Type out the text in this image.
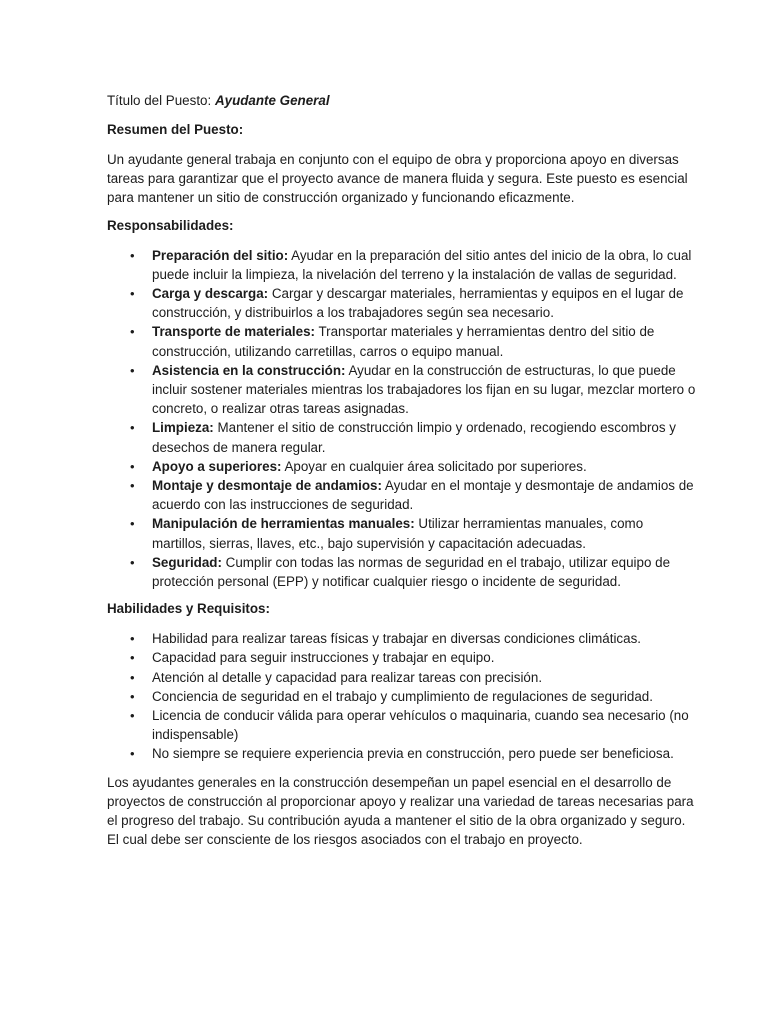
Título del Puesto: Ayudante General

Resumen del Puesto:

Un ayudante general trabaja en conjunto con el equipo de obra y proporciona apoyo en diversas tareas para garantizar que el proyecto avance de manera fluida y segura. Este puesto es esencial para mantener un sitio de construcción organizado y funcionando eficazmente.

Responsabilidades:

• Preparación del sitio: Ayudar en la preparación del sitio antes del inicio de la obra, lo cual puede incluir la limpieza, la nivelación del terreno y la instalación de vallas de seguridad.
• Carga y descarga: Cargar y descargar materiales, herramientas y equipos en el lugar de construcción, y distribuirlos a los trabajadores según sea necesario.
• Transporte de materiales: Transportar materiales y herramientas dentro del sitio de construcción, utilizando carretillas, carros o equipo manual.
• Asistencia en la construcción: Ayudar en la construcción de estructuras, lo que puede incluir sostener materiales mientras los trabajadores los fijan en su lugar, mezclar mortero o concreto, o realizar otras tareas asignadas.
• Limpieza: Mantener el sitio de construcción limpio y ordenado, recogiendo escombros y desechos de manera regular.
• Apoyo a superiores: Apoyar en cualquier área solicitado por superiores.
• Montaje y desmontaje de andamios: Ayudar en el montaje y desmontaje de andamios de acuerdo con las instrucciones de seguridad.
• Manipulación de herramientas manuales: Utilizar herramientas manuales, como martillos, sierras, llaves, etc., bajo supervisión y capacitación adecuadas.
• Seguridad: Cumplir con todas las normas de seguridad en el trabajo, utilizar equipo de protección personal (EPP) y notificar cualquier riesgo o incidente de seguridad.

Habilidades y Requisitos:

• Habilidad para realizar tareas físicas y trabajar en diversas condiciones climáticas.
• Capacidad para seguir instrucciones y trabajar en equipo.
• Atención al detalle y capacidad para realizar tareas con precisión.
• Conciencia de seguridad en el trabajo y cumplimiento de regulaciones de seguridad.
• Licencia de conducir válida para operar vehículos o maquinaria, cuando sea necesario (no indispensable)
• No siempre se requiere experiencia previa en construcción, pero puede ser beneficiosa.

Los ayudantes generales en la construcción desempeñan un papel esencial en el desarrollo de proyectos de construcción al proporcionar apoyo y realizar una variedad de tareas necesarias para el progreso del trabajo. Su contribución ayuda a mantener el sitio de la obra organizado y seguro. El cual debe ser consciente de los riesgos asociados con el trabajo en proyecto.
